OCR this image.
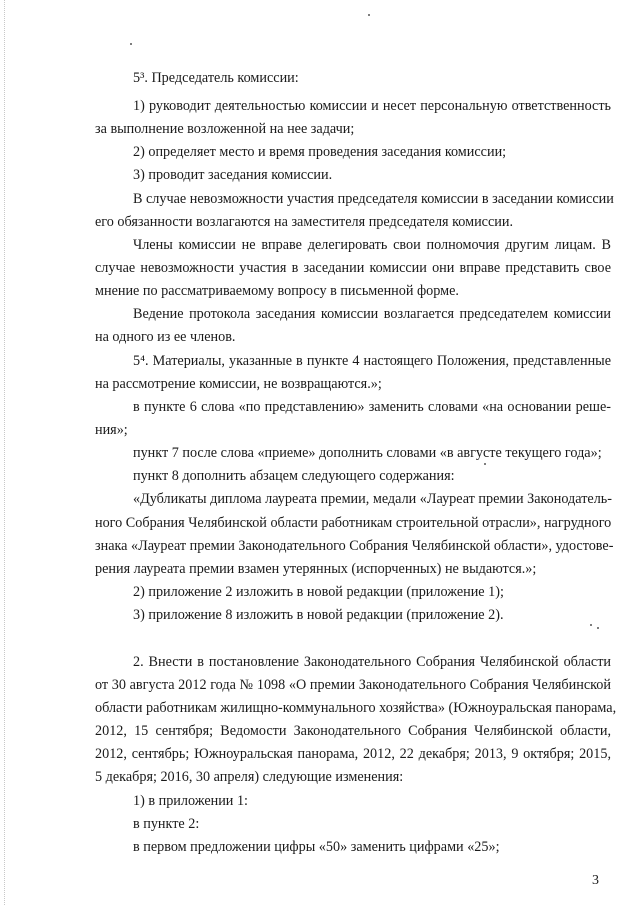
5³. Председатель комиссии:
1) руководит деятельностью комиссии и несет персональную ответственность
за выполнение возложенной на нее задачи;
2) определяет место и время проведения заседания комиссии;
3) проводит заседания комиссии.
В случае невозможности участия председателя комиссии в заседании комиссии
его обязанности возлагаются на заместителя председателя комиссии.
Члены комиссии не вправе делегировать свои полномочия другим лицам. В
случае невозможности участия в заседании комиссии они вправе представить свое
мнение по рассматриваемому вопросу в письменной форме.
Ведение протокола заседания комиссии возлагается председателем комиссии
на одного из ее членов.
5⁴. Материалы, указанные в пункте 4 настоящего Положения, представленные
на рассмотрение комиссии, не возвращаются.»;
в пункте 6 слова «по представлению» заменить словами «на основании реше-
ния»;
пункт 7 после слова «приеме» дополнить словами «в августе текущего года»;
пункт 8 дополнить абзацем следующего содержания:
«Дубликаты диплома лауреата премии, медали «Лауреат премии Законодатель-
ного Собрания Челябинской области работникам строительной отрасли», нагрудного
знака «Лауреат премии Законодательного Собрания Челябинской области», удостове-
рения лауреата премии взамен утерянных (испорченных) не выдаются.»;
2) приложение 2 изложить в новой редакции (приложение 1);
3) приложение 8 изложить в новой редакции (приложение 2).
2. Внести в постановление Законодательного Собрания Челябинской области
от 30 августа 2012 года № 1098 «О премии Законодательного Собрания Челябинской
области работникам жилищно-коммунального хозяйства» (Южноуральская панорама,
2012, 15 сентября; Ведомости Законодательного Собрания Челябинской области,
2012, сентябрь; Южноуральская панорама, 2012, 22 декабря; 2013, 9 октября; 2015,
5 декабря; 2016, 30 апреля) следующие изменения:
1) в приложении 1:
в пункте 2:
в первом предложении цифры «50» заменить цифрами «25»;
3
